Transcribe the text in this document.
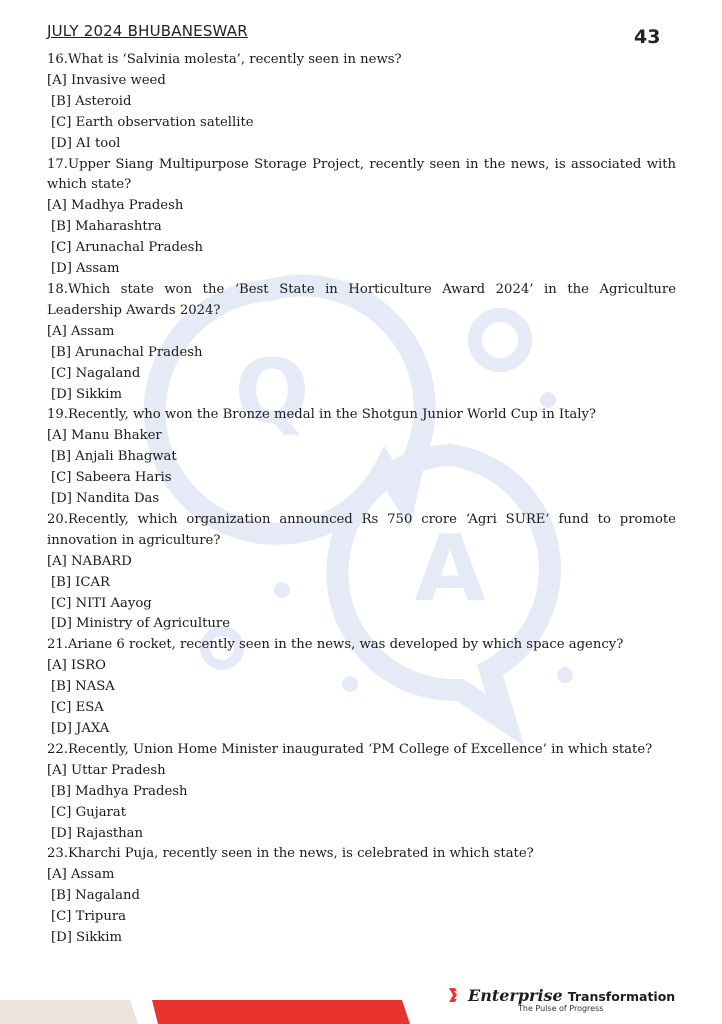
Q
A
JULY 2024 BHUBANESWAR	43

16.What is ‘Salvinia molesta’, recently seen in news?

[A] Invasive weed
[B] Asteroid
[C] Earth observation satellite
[D] AI tool

17.Upper Siang Multipurpose Storage Project, recently seen in the news, is associated with which state?

[A] Madhya Pradesh
[B] Maharashtra
[C] Arunachal Pradesh
[D] Assam

18.Which state won the ‘Best State in Horticulture Award 2024’ in the Agriculture Leadership Awards 2024?

[A] Assam
[B] Arunachal Pradesh
[C] Nagaland
[D] Sikkim

19.Recently, who won the Bronze medal in the Shotgun Junior World Cup in Italy?

[A] Manu Bhaker
[B] Anjali Bhagwat
[C] Sabeera Haris
[D] Nandita Das

20.Recently, which organization announced Rs 750 crore ‘Agri SURE’ fund to promote innovation in agriculture?

[A] NABARD
[B] ICAR
[C] NITI Aayog
[D] Ministry of Agriculture

21.Ariane 6 rocket, recently seen in the news, was developed by which space agency?

[A] ISRO
[B] NASA
[C] ESA
[D] JAXA

22.Recently, Union Home Minister inaugurated ‘PM College of Excellence’ in which state?

[A] Uttar Pradesh
[B] Madhya Pradesh
[C] Gujarat
[D] Rajasthan

23.Kharchi Puja, recently seen in the news, is celebrated in which state?

[A] Assam
[B] Nagaland
[C] Tripura
[D] Sikkim
Enterprise Transformation
The Pulse of Progress
